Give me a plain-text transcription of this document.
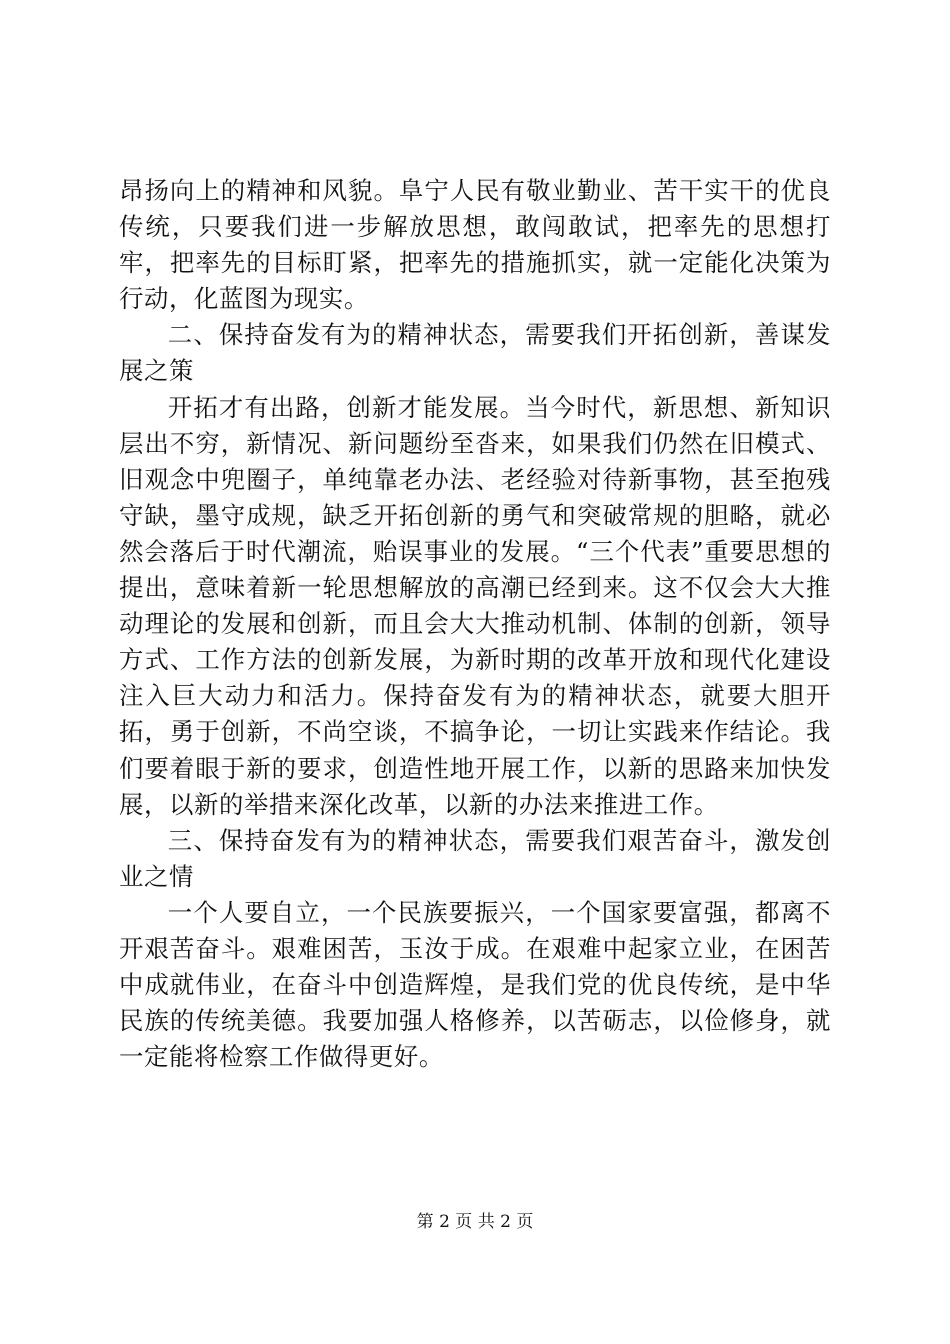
昂扬向上的精神和风貌。阜宁人民有敬业勤业、苦干实干的优良传统，只要我们进一步解放思想，敢闯敢试，把率先的思想打牢，把率先的目标盯紧，把率先的措施抓实，就一定能化决策为行动，化蓝图为现实。

二、保持奋发有为的精神状态，需要我们开拓创新，善谋发展之策

开拓才有出路，创新才能发展。当今时代，新思想、新知识层出不穷，新情况、新问题纷至沓来，如果我们仍然在旧模式、旧观念中兜圈子，单纯靠老办法、老经验对待新事物，甚至抱残守缺，墨守成规，缺乏开拓创新的勇气和突破常规的胆略，就必然会落后于时代潮流，贻误事业的发展。“三个代表”重要思想的提出，意味着新一轮思想解放的高潮已经到来。这不仅会大大推动理论的发展和创新，而且会大大推动机制、体制的创新，领导方式、工作方法的创新发展，为新时期的改革开放和现代化建设注入巨大动力和活力。保持奋发有为的精神状态，就要大胆开拓，勇于创新，不尚空谈，不搞争论，一切让实践来作结论。我们要着眼于新的要求，创造性地开展工作，以新的思路来加快发展，以新的举措来深化改革，以新的办法来推进工作。

三、保持奋发有为的精神状态，需要我们艰苦奋斗，激发创业之情

一个人要自立，一个民族要振兴，一个国家要富强，都离不开艰苦奋斗。艰难困苦，玉汝于成。在艰难中起家立业，在困苦中成就伟业，在奋斗中创造辉煌，是我们党的优良传统，是中华民族的传统美德。我要加强人格修养，以苦砺志，以俭修身，就一定能将检察工作做得更好。

第 2 页 共 2 页
